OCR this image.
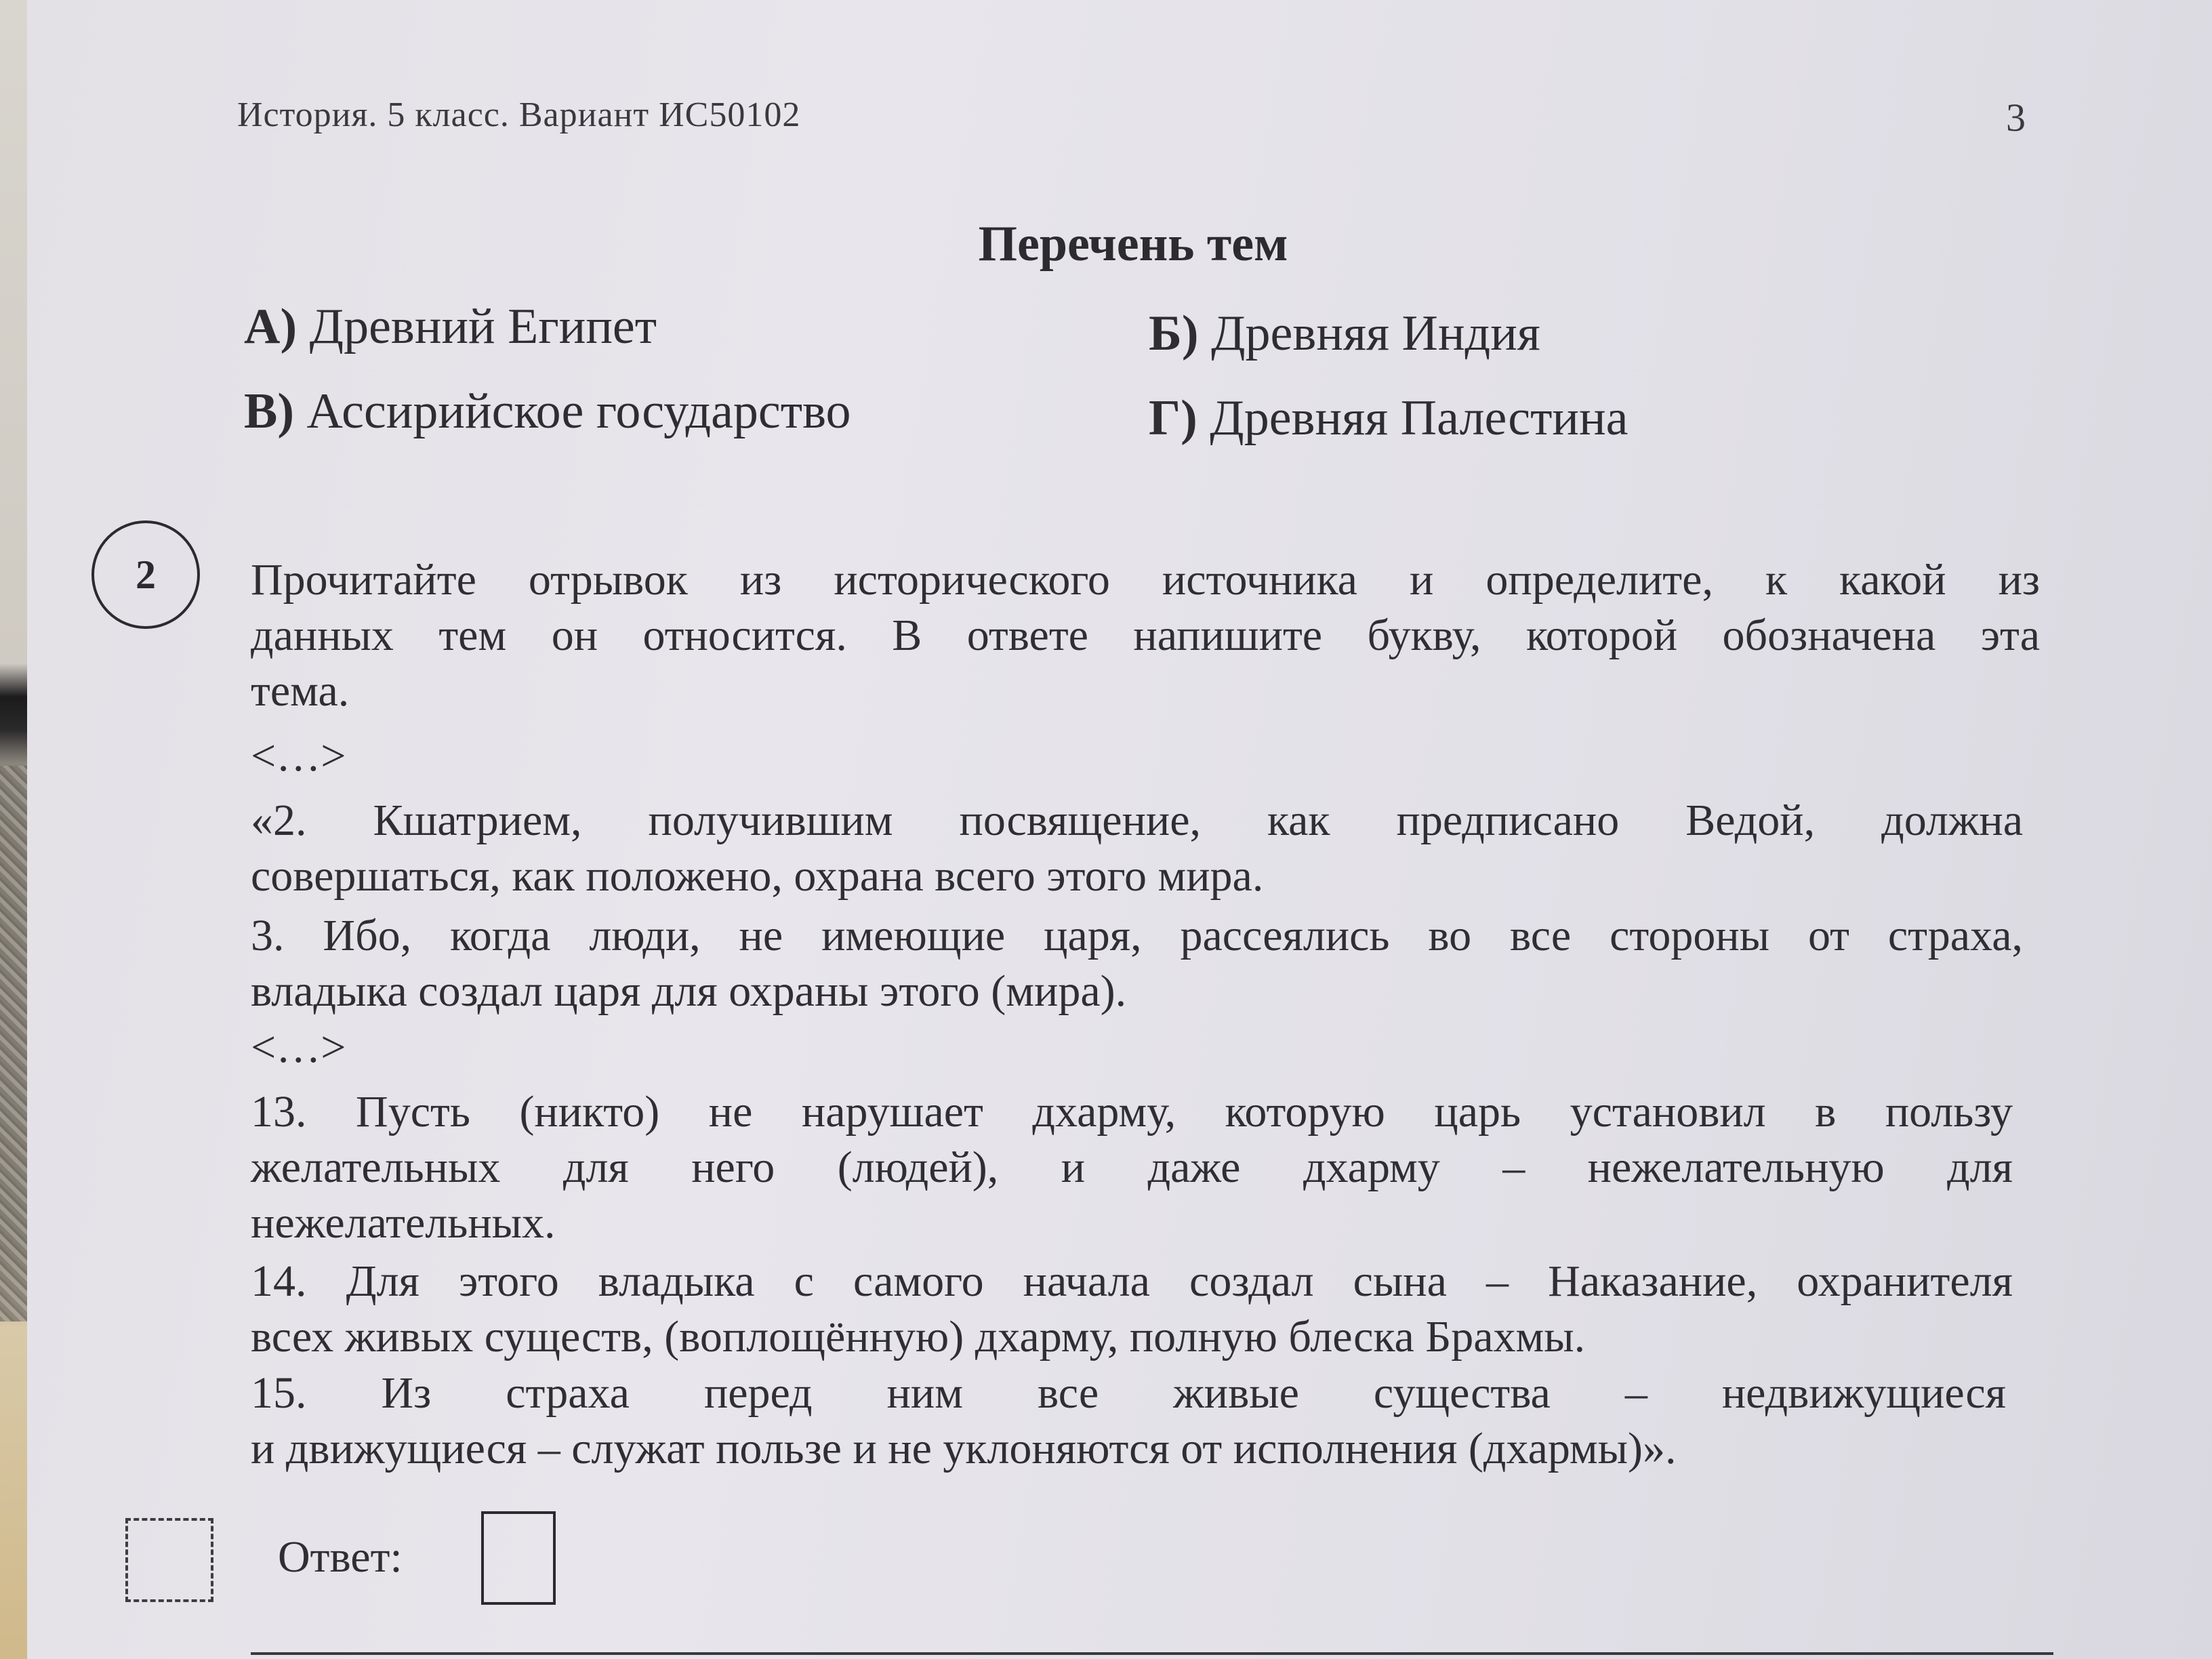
История. 5 класс. Вариант ИС50102	3
Перечень тем
А) Древний Египет	Б) Древняя Индия
В) Ассирийское государство	Г) Древняя Палестина
2	Прочитайте отрывок из исторического источника и определите, к какой из
данных тем он относится. В ответе напишите букву, которой обозначена эта
тема.
<…>
«2. Кшатрием, получившим посвящение, как предписано Ведой, должна
совершаться, как положено, охрана всего этого мира.
3. Ибо, когда люди, не имеющие царя, рассеялись во все стороны от страха,
владыка создал царя для охраны этого (мира).
<…>
13. Пусть (никто) не нарушает дхарму, которую царь установил в пользу
желательных для него (людей), и даже дхарму – нежелательную для
нежелательных.
14. Для этого владыка с самого начала создал сына – Наказание, охранителя
всех живых существ, (воплощённую) дхарму, полную блеска Брахмы.
15. Из страха перед ним все живые существа – недвижущиеся
и движущиеся – служат пользе и не уклоняются от исполнения (дхармы)».
Ответ:
